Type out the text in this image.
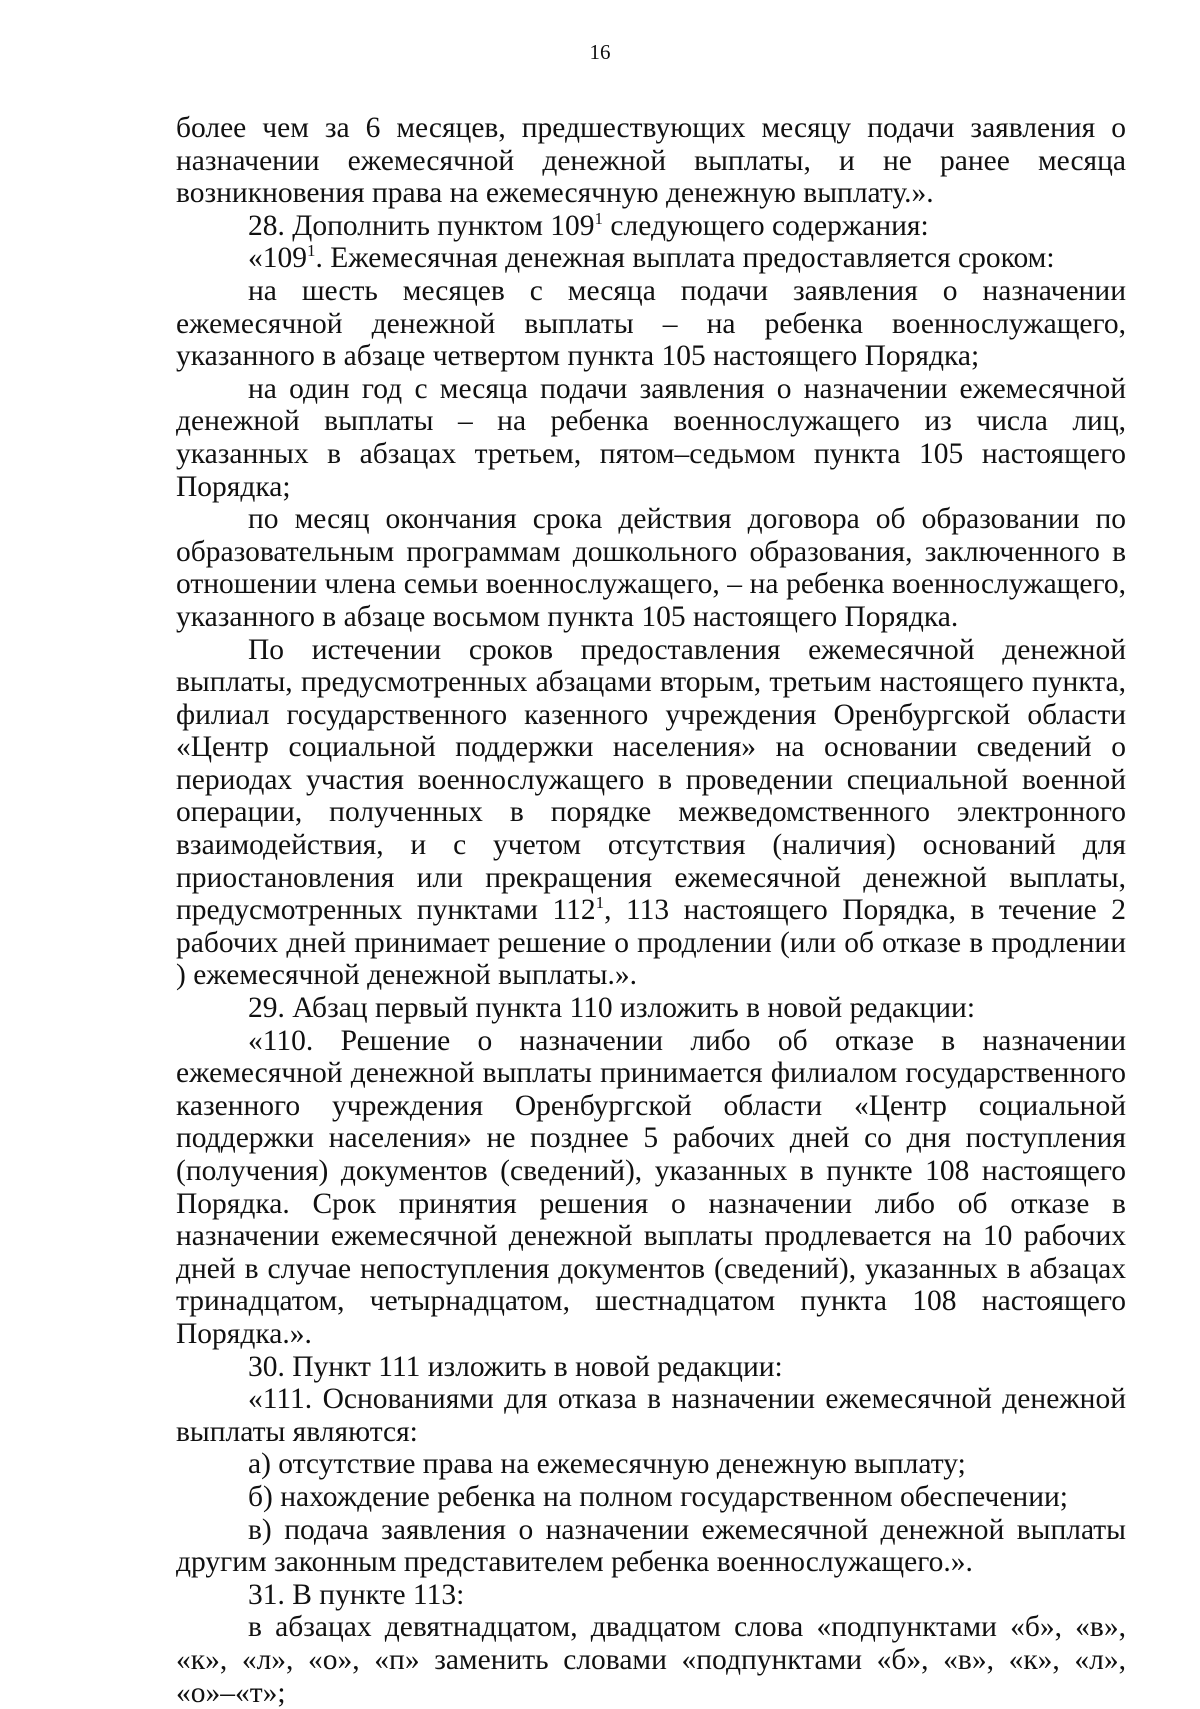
16

более чем за 6 месяцев, предшествующих месяцу подачи заявления о назначении ежемесячной денежной выплаты, и не ранее месяца возникновения права на ежемесячную денежную выплату.».

28. Дополнить пунктом $109^1$ следующего содержания:

«$109^1$. Ежемесячная денежная выплата предоставляется сроком:

на шесть месяцев с месяца подачи заявления о назначении ежемесячной денежной выплаты – на ребенка военнослужащего, указанного в абзаце четвертом пункта 105 настоящего Порядка;

на один год с месяца подачи заявления о назначении ежемесячной денежной выплаты – на ребенка военнослужащего из числа лиц, указанных в абзацах третьем, пятом–седьмом пункта 105 настоящего Порядка;

по месяц окончания срока действия договора об образовании по образовательным программам дошкольного образования, заключенного в отношении члена семьи военнослужащего, – на ребенка военнослужащего, указанного в абзаце восьмом пункта 105 настоящего Порядка.

По истечении сроков предоставления ежемесячной денежной выплаты, предусмотренных абзацами вторым, третьим настоящего пункта, филиал государственного казенного учреждения Оренбургской области «Центр социальной поддержки населения» на основании сведений о периодах участия военнослужащего в проведении специальной военной операции, полученных в порядке межведомственного электронного взаимодействия, и с учетом отсутствия (наличия) оснований для приостановления или прекращения ежемесячной денежной выплаты, предусмотренных пунктами $112^1$, 113 настоящего Порядка, в течение 2 рабочих дней принимает решение о продлении (или об отказе в продлении ) ежемесячной денежной выплаты.».

29. Абзац первый пункта 110 изложить в новой редакции:

«110. Решение о назначении либо об отказе в назначении ежемесячной денежной выплаты принимается филиалом государственного казенного учреждения Оренбургской области «Центр социальной поддержки населения» не позднее 5 рабочих дней со дня поступления (получения) документов (сведений), указанных в пункте 108 настоящего Порядка. Срок принятия решения о назначении либо об отказе в назначении ежемесячной денежной выплаты продлевается на 10 рабочих дней в случае непоступления документов (сведений), указанных в абзацах тринадцатом, четырнадцатом, шестнадцатом пункта 108 настоящего Порядка.».

30. Пункт 111 изложить в новой редакции:

«111. Основаниями для отказа в назначении ежемесячной денежной выплаты являются:

а) отсутствие права на ежемесячную денежную выплату;

б) нахождение ребенка на полном государственном обеспечении;

в) подача заявления о назначении ежемесячной денежной выплаты другим законным представителем ребенка военнослужащего.».

31. В пункте 113:

в абзацах девятнадцатом, двадцатом слова «подпунктами «б», «в», «к», «л», «о», «п» заменить словами «подпунктами «б», «в», «к», «л», «о»–«т»;
